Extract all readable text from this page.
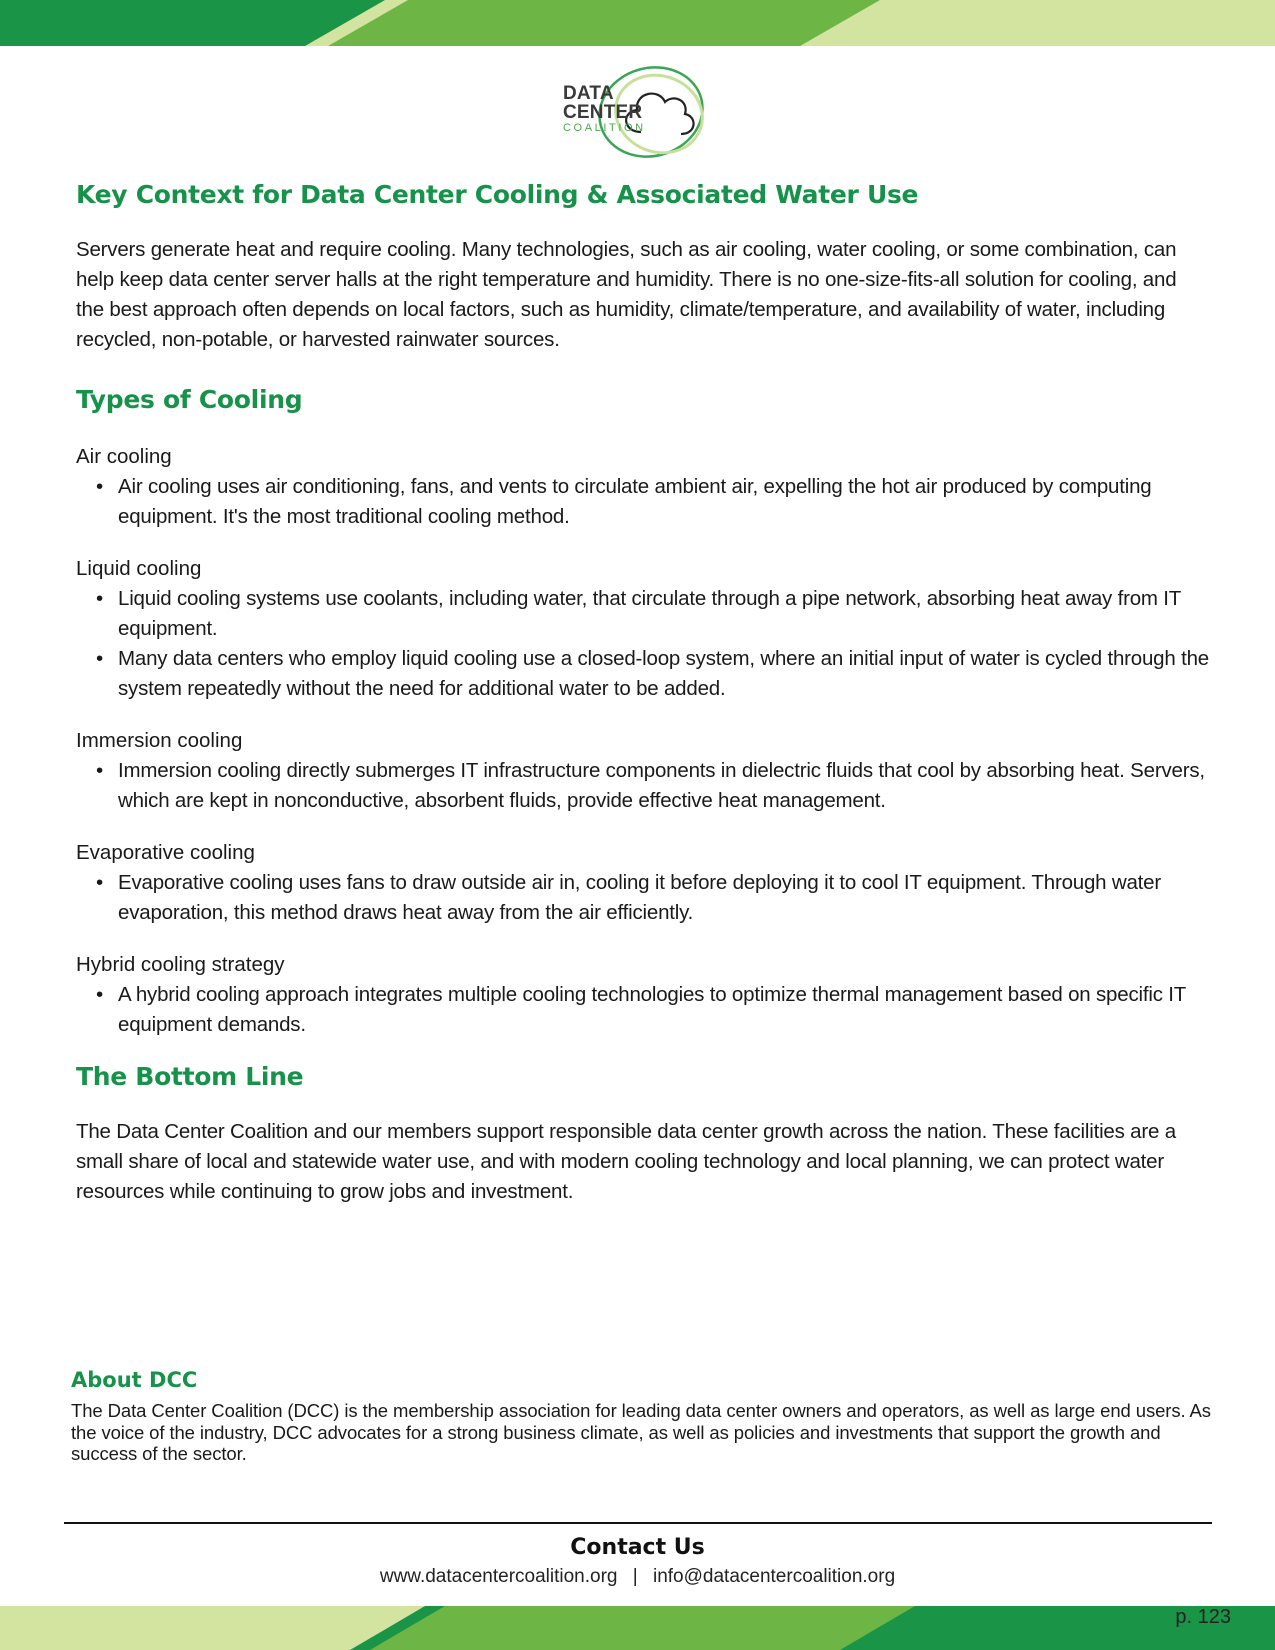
DATA
CENTER
COALITION
Key Context for Data Center Cooling & Associated Water Use

Servers generate heat and require cooling. Many technologies, such as air cooling, water cooling, or some combination, can help keep data center server halls at the right temperature and humidity. There is no one-size-fits-all solution for cooling, and the best approach often depends on local factors, such as humidity, climate/temperature, and availability of water, including recycled, non-potable, or harvested rainwater sources.

Types of Cooling
Air cooling
• Air cooling uses air conditioning, fans, and vents to circulate ambient air, expelling the hot air produced by computing equipment. It's the most traditional cooling method.
Liquid cooling
• Liquid cooling systems use coolants, including water, that circulate through a pipe network, absorbing heat away from IT equipment.
• Many data centers who employ liquid cooling use a closed-loop system, where an initial input of water is cycled through the system repeatedly without the need for additional water to be added.
Immersion cooling
• Immersion cooling directly submerges IT infrastructure components in dielectric fluids that cool by absorbing heat. Servers, which are kept in nonconductive, absorbent fluids, provide effective heat management.
Evaporative cooling
• Evaporative cooling uses fans to draw outside air in, cooling it before deploying it to cool IT equipment. Through water evaporation, this method draws heat away from the air efficiently.
Hybrid cooling strategy
• A hybrid cooling approach integrates multiple cooling technologies to optimize thermal management based on specific IT equipment demands.
The Bottom Line

The Data Center Coalition and our members support responsible data center growth across the nation. These facilities are a small share of local and statewide water use, and with modern cooling technology and local planning, we can protect water resources while continuing to grow jobs and investment.

About DCC

The Data Center Coalition (DCC) is the membership association for leading data center owners and operators, as well as large end users. As the voice of the industry, DCC advocates for a strong business climate, as well as policies and investments that support the growth and success of the sector.

Contact Us
www.datacentercoalition.org | info@datacentercoalition.org
p. 123
